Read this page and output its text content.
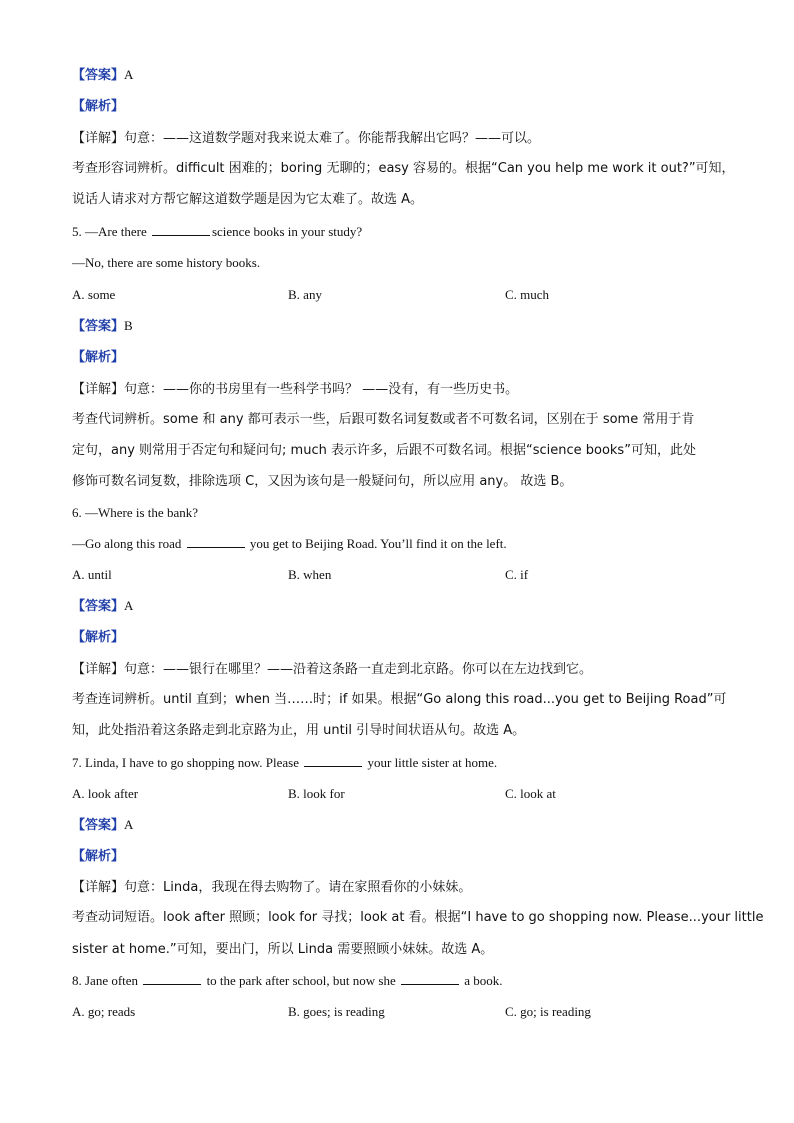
【答案】A
【解析】
【详解】句意：——这道数学题对我来说太难了。你能帮我解出它吗？——可以。
考查形容词辨析。difficult 困难的；boring 无聊的；easy 容易的。根据“Can you help me work it out?”可知，
说话人请求对方帮它解这道数学题是因为它太难了。故选 A。
5. —Are there	science books in your study?
—No, there are some history books.
A. some	B. any	C. much
【答案】B
【解析】
【详解】句意：——你的书房里有一些科学书吗？ ——没有，有一些历史书。
考查代词辨析。some 和 any 都可表示一些，后跟可数名词复数或者不可数名词，区别在于 some 常用于肯
定句，any 则常用于否定句和疑问句; much 表示许多，后跟不可数名词。根据“science books”可知，此处
修饰可数名词复数，排除选项 C，又因为该句是一般疑问句，所以应用 any。 故选 B。
6. —Where is the bank?
—Go along this road	you get to Beijing Road. You’ll find it on the left.
A. until	B. when	C. if
【答案】A
【解析】
【详解】句意：——银行在哪里？——沿着这条路一直走到北京路。你可以在左边找到它。
考查连词辨析。until 直到；when 当……时；if 如果。根据“Go along this road...you get to Beijing Road”可
知，此处指沿着这条路走到北京路为止，用 until 引导时间状语从句。故选 A。
7. Linda, I have to go shopping now. Please	your little sister at home.
A. look after	B. look for	C. look at
【答案】A
【解析】
【详解】句意：Linda，我现在得去购物了。请在家照看你的小妹妹。
考查动词短语。look after 照顾；look for 寻找；look at 看。根据“I have to go shopping now. Please...your little
sister at home.”可知，要出门，所以 Linda 需要照顾小妹妹。故选 A。
8. Jane often	to the park after school, but now she	a book.
A. go; reads	B. goes; is reading	C. go; is reading
